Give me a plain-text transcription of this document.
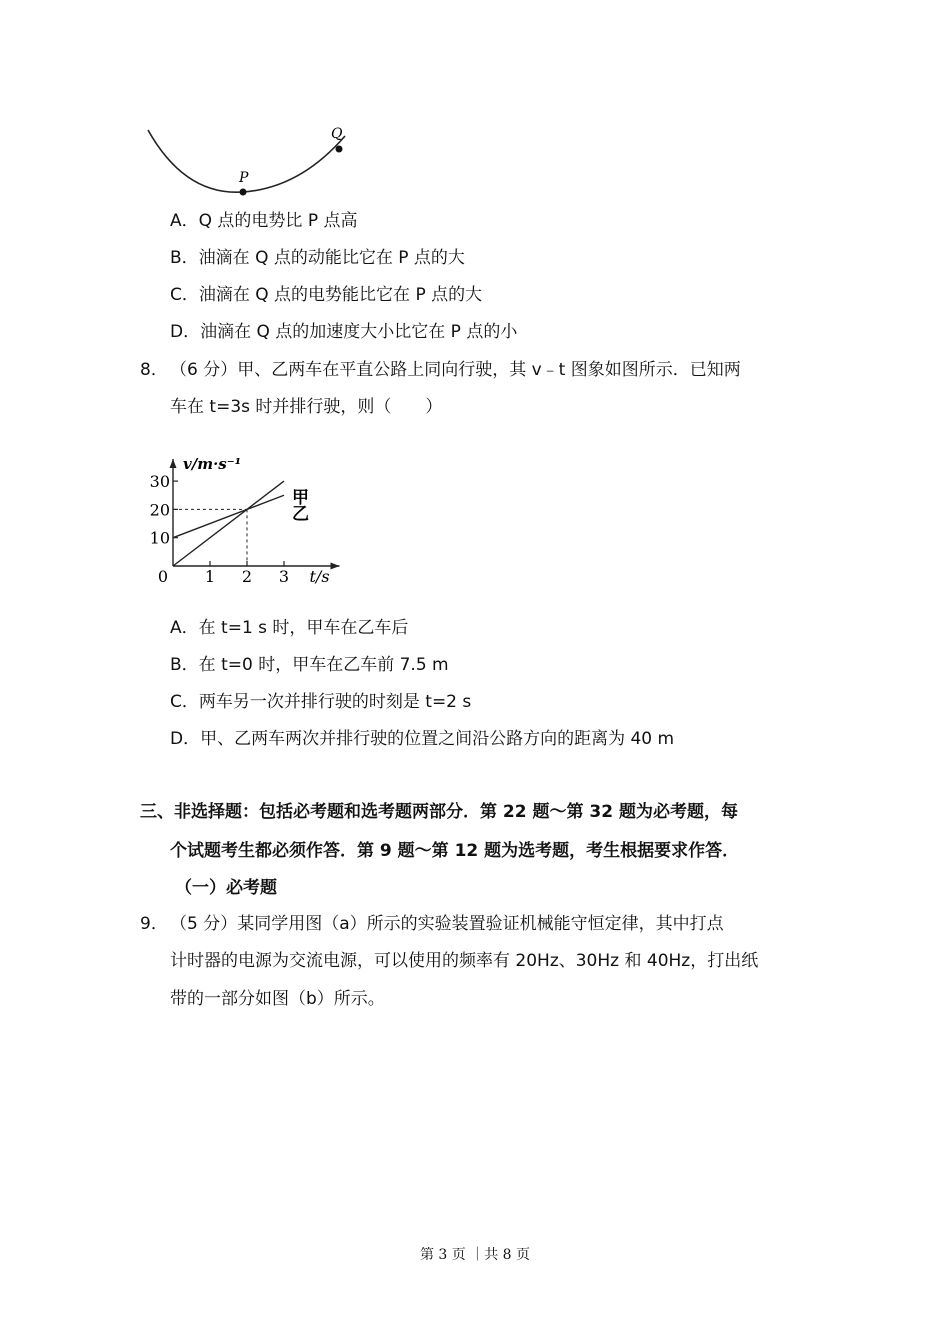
P
Q
A．Q 点的电势比 P 点高
B．油滴在 Q 点的动能比它在 P 点的大
C．油滴在 Q 点的电势能比它在 P 点的大
D．油滴在 Q 点的加速度大小比它在 P 点的小
8． （6 分）甲、乙两车在平直公路上同向行驶，其 v﹣t 图象如图所示．已知两
车在 t=3s 时并排行驶，则（　　）
1 2 3
10
20
30
0	t/s
v/m·s⁻¹
甲
乙
A．在 t=1 s 时，甲车在乙车后
B．在 t=0 时，甲车在乙车前 7.5 m
C．两车另一次并排行驶的时刻是 t=2 s
D．甲、乙两车两次并排行驶的位置之间沿公路方向的距离为 40 m
三、非选择题：包括必考题和选考题两部分．第 22 题～第 32 题为必考题，每
个试题考生都必须作答．第 9 题～第 12 题为选考题，考生根据要求作答．
（一）必考题
9． （5 分）某同学用图（a）所示的实验装置验证机械能守恒定律，其中打点
计时器的电源为交流电源，可以使用的频率有 20Hz、30Hz 和 40Hz，打出纸
带的一部分如图（b）所示。
第 3 页 ｜共 8 页
